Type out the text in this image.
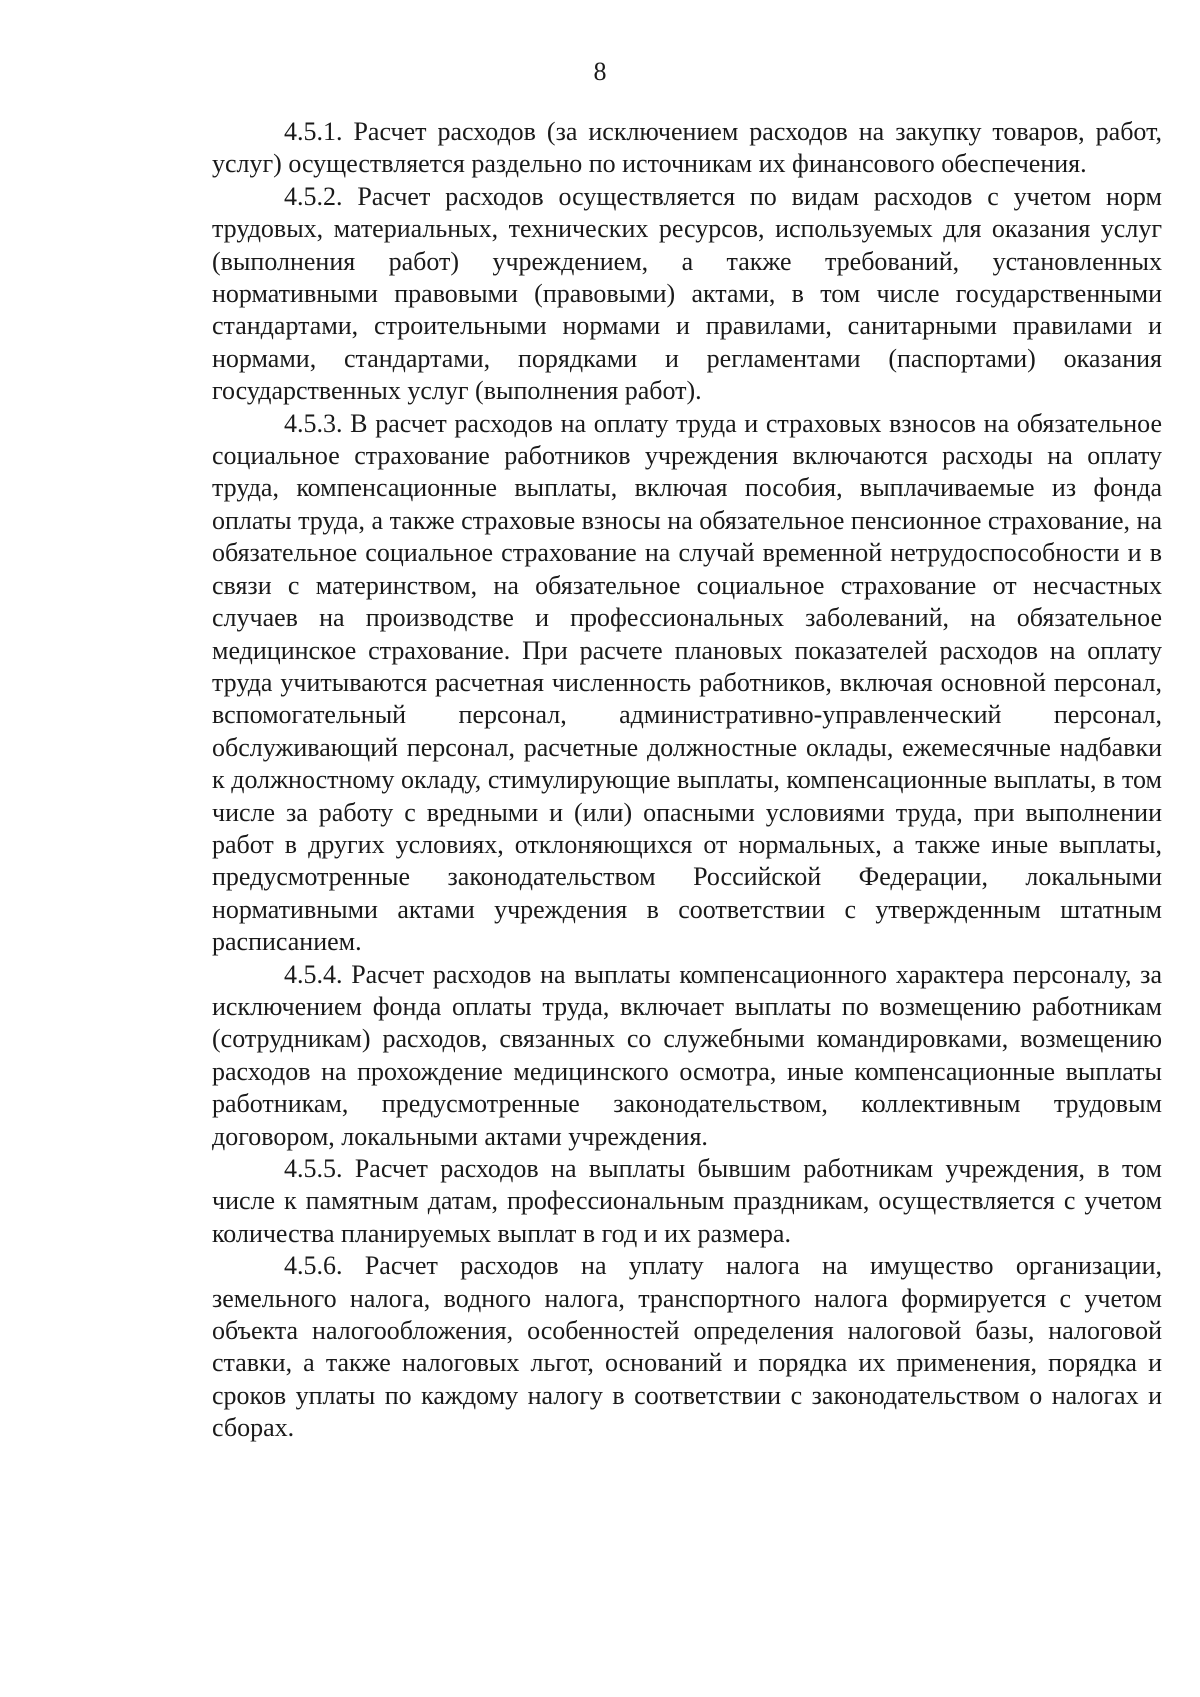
8

4.5.1. Расчет расходов (за исключением расходов на закупку товаров, работ, услуг) осуществляется раздельно по источникам их финансового обеспечения.

4.5.2. Расчет расходов осуществляется по видам расходов с учетом норм трудовых, материальных, технических ресурсов, используемых для оказания услуг (выполнения работ) учреждением, а также требований, установленных нормативными правовыми (правовыми) актами, в том числе государственными стандартами, строительными нормами и правилами, санитарными правилами и нормами, стандартами, порядками и регламентами (паспортами) оказания государственных услуг (выполнения работ).

4.5.3. В расчет расходов на оплату труда и страховых взносов на обязательное социальное страхование работников учреждения включаются расходы на оплату труда, компенсационные выплаты, включая пособия, выплачиваемые из фонда оплаты труда, а также страховые взносы на обязательное пенсионное страхование, на обязательное социальное страхование на случай временной нетрудоспособности и в связи с материнством, на обязательное социальное страхование от несчастных случаев на производстве и профессиональных заболеваний, на обязательное медицинское страхование. При расчете плановых показателей расходов на оплату труда учитываются расчетная численность работников, включая основной персонал, вспомогательный персонал, административно-управленческий персонал, обслуживающий персонал, расчетные должностные оклады, ежемесячные надбавки к должностному окладу, стимулирующие выплаты, компенсационные выплаты, в том числе за работу с вредными и (или) опасными условиями труда, при выполнении работ в других условиях, отклоняющихся от нормальных, а также иные выплаты, предусмотренные законодательством Российской Федерации, локальными нормативными актами учреждения в соответствии с утвержденным штатным расписанием.

4.5.4. Расчет расходов на выплаты компенсационного характера персоналу, за исключением фонда оплаты труда, включает выплаты по возмещению работникам (сотрудникам) расходов, связанных со служебными командировками, возмещению расходов на прохождение медицинского осмотра, иные компенсационные выплаты работникам, предусмотренные законодательством, коллективным трудовым договором, локальными актами учреждения.

4.5.5. Расчет расходов на выплаты бывшим работникам учреждения, в том числе к памятным датам, профессиональным праздникам, осуществляется с учетом количества планируемых выплат в год и их размера.

4.5.6. Расчет расходов на уплату налога на имущество организации, земельного налога, водного налога, транспортного налога формируется с учетом объекта налогообложения, особенностей определения налоговой базы, налоговой ставки, а также налоговых льгот, оснований и порядка их применения, порядка и сроков уплаты по каждому налогу в соответствии с законодательством о налогах и сборах.
